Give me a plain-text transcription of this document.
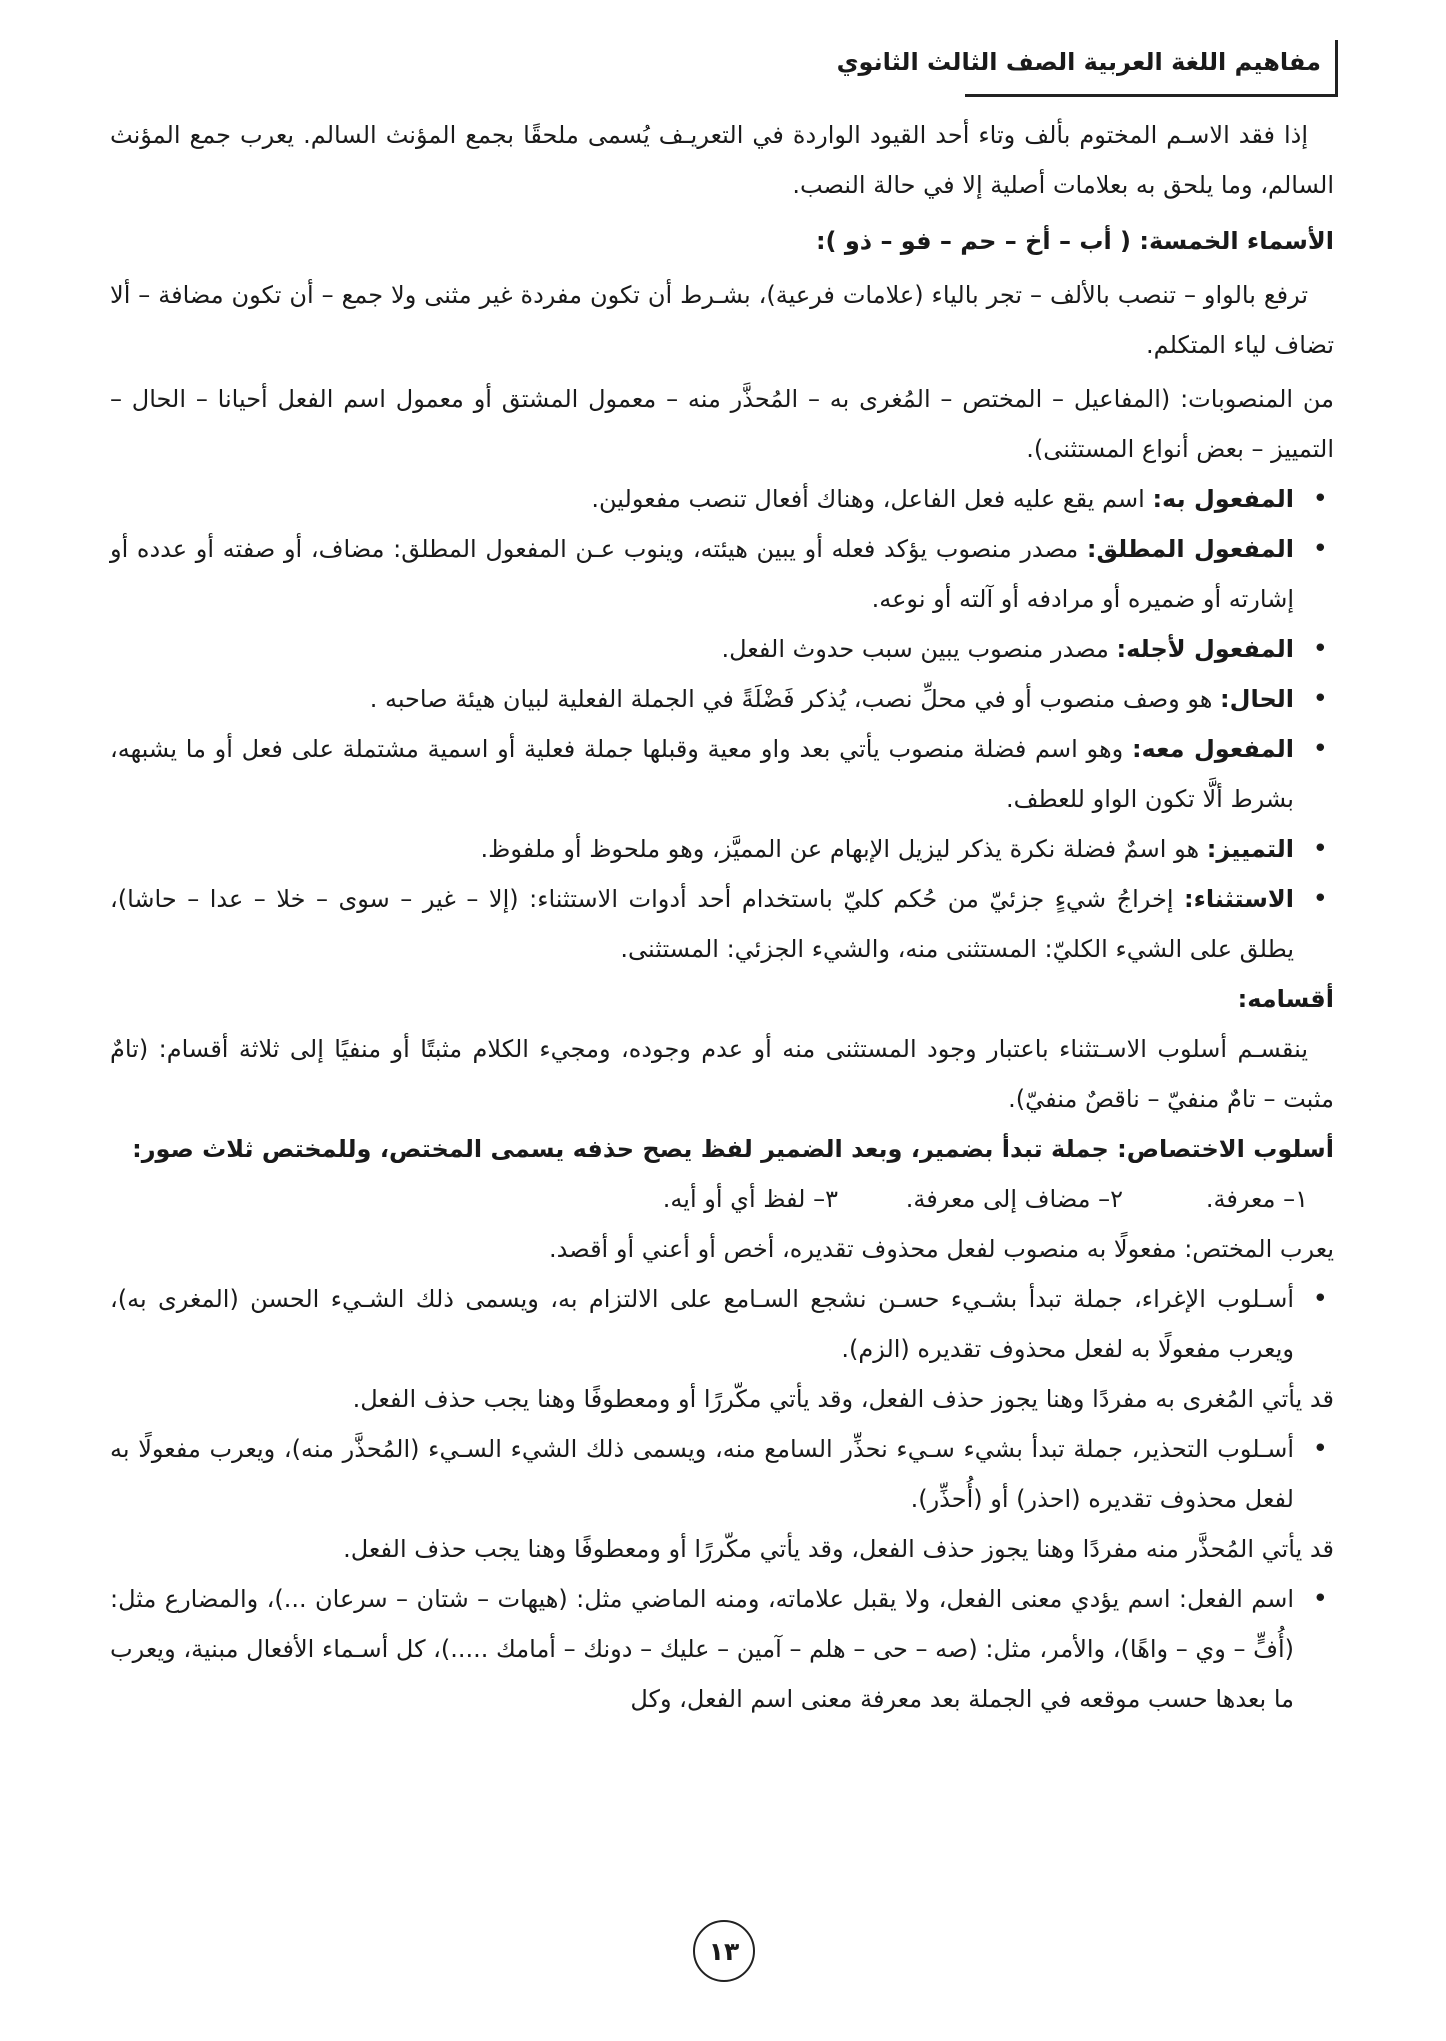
مفاهيم اللغة العربية الصف الثالث الثانوي

إذا فقد الاسـم المختوم بألف وتاء أحد القيود الواردة في التعريـف يُسمى ملحقًا بجمع المؤنث السالم. يعرب جمع المؤنث السالم، وما يلحق به بعلامات أصلية إلا في حالة النصب.

الأسماء الخمسة: ( أب – أخ – حم – فو – ذو ):

ترفع بالواو – تنصب بالألف – تجر بالياء (علامات فرعية)، بشـرط أن تكون مفردة غير مثنى ولا جمع – أن تكون مضافة – ألا تضاف لياء المتكلم.

من المنصوبات: (المفاعيل – المختص – المُغرى به – المُحذَّر منه – معمول المشتق أو معمول اسم الفعل أحيانا – الحال – التمييز – بعض أنواع المستثنى).

• المفعول به: اسم يقع عليه فعل الفاعل، وهناك أفعال تنصب مفعولين.
• المفعول المطلق: مصدر منصوب يؤكد فعله أو يبين هيئته، وينوب عـن المفعول المطلق: مضاف، أو صفته أو عدده أو إشارته أو ضميره أو مرادفه أو آلته أو نوعه.
• المفعول لأجله: مصدر منصوب يبين سبب حدوث الفعل.
• الحال: هو وصف منصوب أو في محلِّ نصب، يُذكر فَضْلَةً في الجملة الفعلية لبيان هيئة صاحبه .
• المفعول معه: وهو اسم فضلة منصوب يأتي بعد واو معية وقبلها جملة فعلية أو اسمية مشتملة على فعل أو ما يشبهه، بشرط ألَّا تكون الواو للعطف.
• التمييز: هو اسمٌ فضلة نكرة يذكر ليزيل الإبهام عن المميَّز، وهو ملحوظ أو ملفوظ.
• الاستثناء: إخراجُ شيءٍ جزئيّ من حُكم كليّ باستخدام أحد أدوات الاستثناء: (إلا – غير – سوى – خلا – عدا – حاشا)، يطلق على الشيء الكليّ: المستثنى منه، والشيء الجزئي: المستثنى.

أقسامه:

ينقسـم أسلوب الاسـتثناء باعتبار وجود المستثنى منه أو عدم وجوده، ومجيء الكلام مثبتًا أو منفيًا إلى ثلاثة أقسام: (تامٌ مثبت – تامٌ منفيّ – ناقصٌ منفيّ).

أسلوب الاختصاص: جملة تبدأ بضمير، وبعد الضمير لفظ يصح حذفه يسمى المختص، وللمختص ثلاث صور:

١– معرفة.
٢– مضاف إلى معرفة.
٣– لفظ أي أو أيه.

يعرب المختص: مفعولًا به منصوب لفعل محذوف تقديره، أخص أو أعني أو أقصد.

• أسـلوب الإغراء، جملة تبدأ بشـيء حسـن نشجع السـامع على الالتزام به، ويسمى ذلك الشـيء الحسن (المغرى به)، ويعرب مفعولًا به لفعل محذوف تقديره (الزم).

قد يأتي المُغرى به مفردًا وهنا يجوز حذف الفعل، وقد يأتي مكّررًا أو ومعطوفًا وهنا يجب حذف الفعل.

• أسـلوب التحذير، جملة تبدأ بشيء سـيء نحذِّر السامع منه، ويسمى ذلك الشيء السـيء (المُحذَّر منه)، ويعرب مفعولًا به لفعل محذوف تقديره (احذر) أو (أُحذِّر).

قد يأتي المُحذَّر منه مفردًا وهنا يجوز حذف الفعل، وقد يأتي مكّررًا أو ومعطوفًا وهنا يجب حذف الفعل.

• اسم الفعل: اسم يؤدي معنى الفعل، ولا يقبل علاماته، ومنه الماضي مثل: (هيهات – شتان – سرعان ...)، والمضارع مثل: (أُفٍّ – وي – واهًا)، والأمر، مثل: (صه – حى – هلم – آمين – عليك – دونك – أمامك .....)، كل أسـماء الأفعال مبنية، ويعرب ما بعدها حسب موقعه في الجملة بعد معرفة معنى اسم الفعل، وكل
١٣
